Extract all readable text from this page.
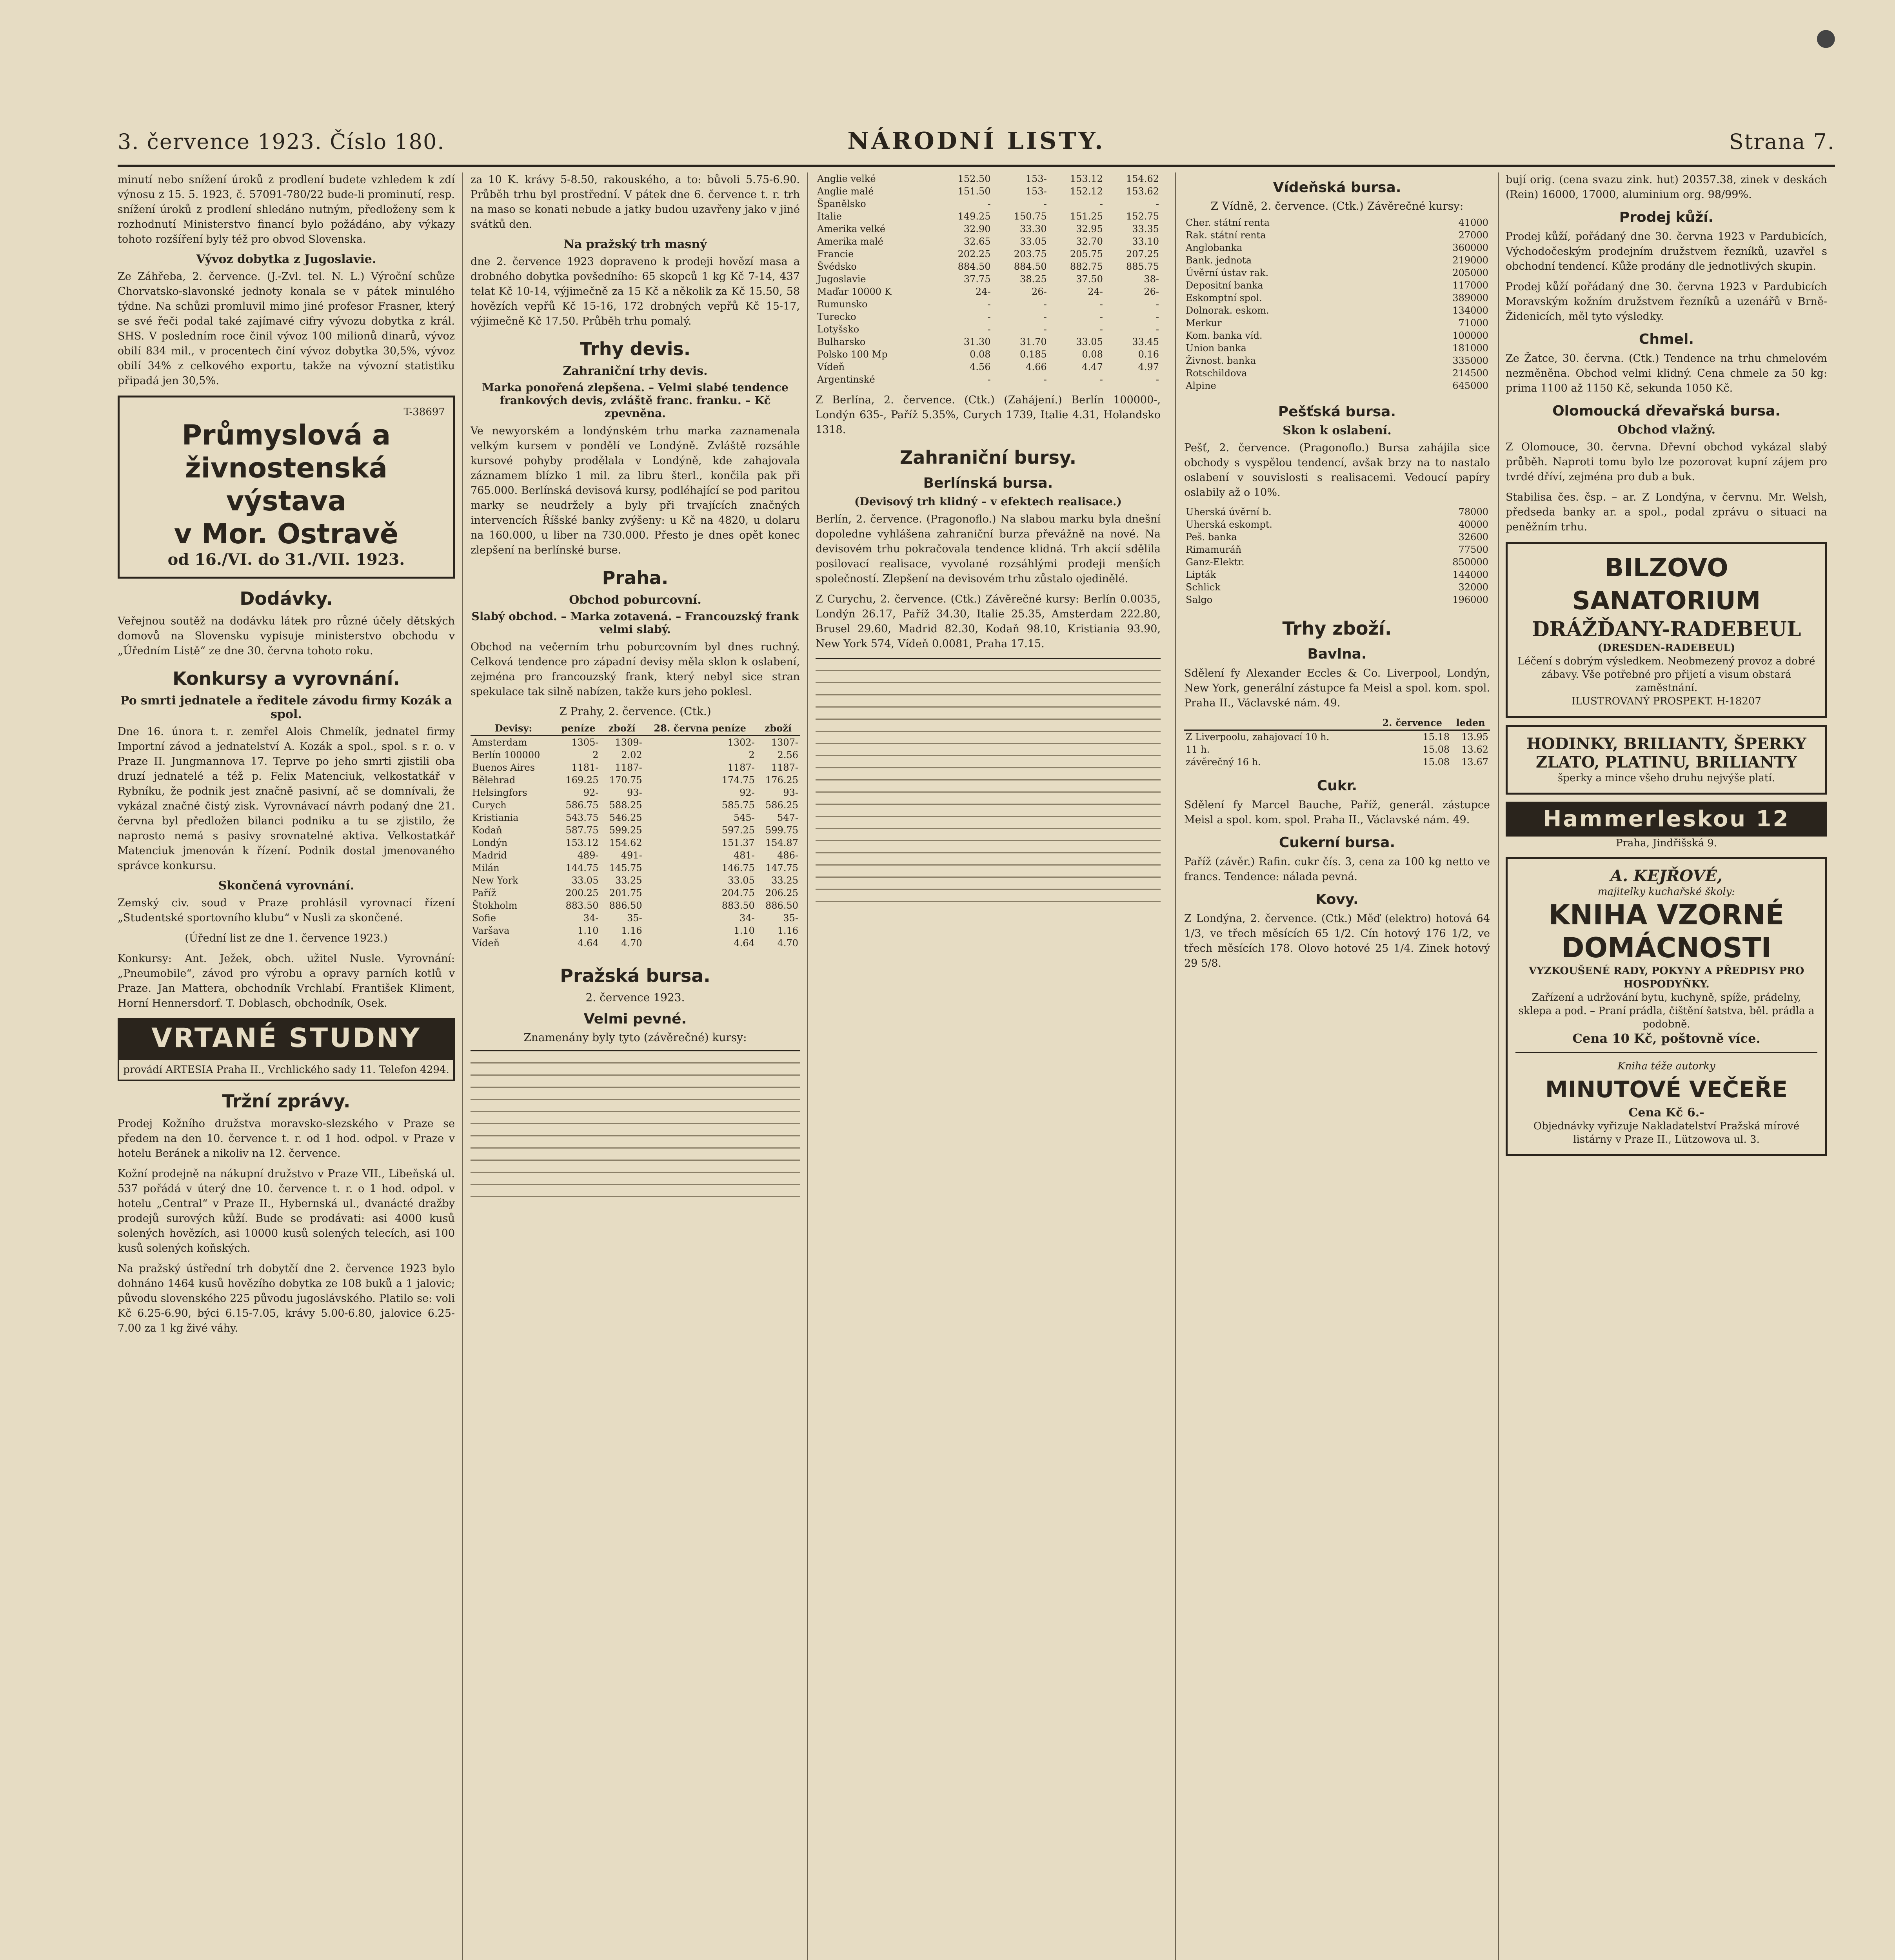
●
3. července 1923. Číslo 180.	NÁRODNÍ LISTY.	Strana 7.

minutí nebo snížení úroků z prodlení budete vzhledem k zdí výnosu z 15. 5. 1923, č. 57091-780/22 bude-li prominutí, resp. snížení úroků z prodlení shledáno nutným, předloženy sem k rozhodnutí Ministerstvo financí bylo požádáno, aby výkazy tohoto rozšíření byly též pro obvod Slovenska.

Vývoz dobytka z Jugoslavie.

Ze Záhřeba, 2. července. (J.-Zvl. tel. N. L.) Výroční schůze Chorvatsko-slavonské jednoty konala se v pátek minulého týdne. Na schůzi promluvil mimo jiné profesor Frasner, který se své řeči podal také zajímavé cifry vývozu dobytka z král. SHS. V posledním roce činil vývoz 100 milionů dinarů, vývoz obilí 834 mil., v procentech činí vývoz dobytka 30,5%, vývoz obilí 34% z celkového exportu, takže na vývozní statistiku připadá jen 30,5%.

T-38697
Průmyslová a
živnostenská výstava
v Mor. Ostravě
od 16./VI. do 31./VII. 1923.
Dodávky.

Veřejnou soutěž na dodávku látek pro různé účely dětských domovů na Slovensku vypisuje ministerstvo obchodu v „Úředním Listě“ ze dne 30. června tohoto roku.

Konkursy a vyrovnání.
Po smrti jednatele a ředitele závodu firmy Kozák a spol.

Dne 16. února t. r. zemřel Alois Chmelík, jednatel firmy Importní závod a jednatelství A. Kozák a spol., spol. s r. o. v Praze II. Jungmannova 17. Teprve po jeho smrti zjistili oba druzí jednatelé a též p. Felix Matenciuk, velkostatkář v Rybníku, že podnik jest značně pasivní, ač se domnívali, že vykázal značné čistý zisk. Vyrovnávací návrh podaný dne 21. června byl předložen bilanci podniku a tu se zjistilo, že naprosto nemá s pasivy srovnatelné aktiva. Velkostatkář Matenciuk jmenován k řízení. Podnik dostal jmenovaného správce konkursu.

Skončená vyrovnání.

Zemský civ. soud v Praze prohlásil vyrovnací řízení „Studentské sportovního klubu“ v Nusli za skončené.

(Úřední list ze dne 1. července 1923.)

Konkursy: Ant. Ježek, obch. užitel Nusle. Vyrovnání: „Pneumobile“, závod pro výrobu a opravy parních kotlů v Praze. Jan Mattera, obchodník Vrchlabí. František Kliment, Horní Hennersdorf. T. Doblasch, obchodník, Osek.

VRTANÉ STUDNY
provádí ARTESIA Praha II., Vrchlického sady 11. Telefon 4294.
Tržní zprávy.

Prodej Kožního družstva moravsko-slezského v Praze se předem na den 10. července t. r. od 1 hod. odpol. v Praze v hotelu Beránek a nikoliv na 12. července.

Kožní prodejně na nákupní družstvo v Praze VII., Libeňská ul. 537 pořádá v úterý dne 10. července t. r. o 1 hod. odpol. v hotelu „Central“ v Praze II., Hybernská ul., dvanácté dražby prodejů surových kůží. Bude se prodávati: asi 4000 kusů solených hovězích, asi 10000 kusů solených telecích, asi 100 kusů solených koňských.

Na pražský ústřední trh dobytčí dne 2. července 1923 bylo dohnáno 1464 kusů hovězího dobytka ze 108 buků a 1 jalovic; původu slovenského 225 původu jugoslávského. Platilo se: voli Kč 6.25-6.90, býci 6.15-7.05, krávy 5.00-6.80, jalovice 6.25-7.00 za 1 kg živé váhy.

za 10 K. krávy 5-8.50, rakouského, a to: bůvoli 5.75-6.90. Průběh trhu byl prostřední. V pátek dne 6. července t. r. trh na maso se konati nebude a jatky budou uzavřeny jako v jiné svátků den.

Na pražský trh masný

dne 2. července 1923 dopraveno k prodeji hovězí masa a drobného dobytka povšedního: 65 skopců 1 kg Kč 7-14, 437 telat Kč 10-14, výjimečně za 15 Kč a několik za Kč 15.50, 58 hovězích vepřů Kč 15-16, 172 drobných vepřů Kč 15-17, výjimečně Kč 17.50. Průběh trhu pomalý.

Trhy devis.
Zahraniční trhy devis.
Marka ponořená zlepšena. – Velmi slabé tendence frankových devis, zvláště franc. franku. – Kč zpevněna.

Ve newyorském a londýnském trhu marka zaznamenala velkým kursem v pondělí ve Londýně. Zvláště rozsáhle kursové pohyby prodělala v Londýně, kde zahajovala záznamem blízko 1 mil. za libru šterl., končila pak při 765.000. Berlínská devisová kursy, podléhající se pod paritou marky se neudržely a byly při trvajících značných intervencích Říšské banky zvýšeny: u Kč na 4820, u dolaru na 160.000, u liber na 730.000. Přesto je dnes opět konec zlepšení na berlínské burse.

Praha.
Obchod poburcovní.
Slabý obchod. – Marka zotavená. – Francouzský frank velmi slabý.

Obchod na večerním trhu poburcovním byl dnes ruchný. Celková tendence pro západní devisy měla sklon k oslabení, zejména pro francouzský frank, který nebyl sice stran spekulace tak silně nabízen, takže kurs jeho poklesl.

Z Prahy, 2. července. (Ctk.)
Devisy:	peníze	zboží	28. června peníze	zboží
Amsterdam	1305-	1309-	1302-	1307-
Berlín 100000	2	2.02	2	2.56
Buenos Aires	1181-	1187-	1187-	1187-
Bělehrad	169.25	170.75	174.75	176.25
Helsingfors	92-	93-	92-	93-
Curych	586.75	588.25	585.75	586.25
Kristiania	543.75	546.25	545-	547-
Kodaň	587.75	599.25	597.25	599.75
Londýn	153.12	154.62	151.37	154.87
Madrid	489-	491-	481-	486-
Milán	144.75	145.75	146.75	147.75
New York	33.05	33.25	33.05	33.25
Paříž	200.25	201.75	204.75	206.25
Štokholm	883.50	886.50	883.50	886.50
Sofie	34-	35-	34-	35-
Varšava	1.10	1.16	1.10	1.16
Vídeň	4.64	4.70	4.64	4.70
Pražská bursa.
2. července 1923.
Velmi pevné.
Znamenány byly tyto (závěrečné) kursy:
Anglie velké	152.50	153-	153.12	154.62
Anglie malé	151.50	153-	152.12	153.62
Španělsko	-	-	-	-
Italie	149.25	150.75	151.25	152.75
Amerika velké	32.90	33.30	32.95	33.35
Amerika malé	32.65	33.05	32.70	33.10
Francie	202.25	203.75	205.75	207.25
Švédsko	884.50	884.50	882.75	885.75
Jugoslavie	37.75	38.25	37.50	38-
Maďar 10000 K	24-	26-	24-	26-
Rumunsko	-	-	-	-
Turecko	-	-	-	-
Lotyšsko	-	-	-	-
Bulharsko	31.30	31.70	33.05	33.45
Polsko 100 Mp	0.08	0.185	0.08	0.16
Vídeň	4.56	4.66	4.47	4.97
Argentinské	-	-	-	-

Z Berlína, 2. července. (Ctk.) (Zahájení.) Berlín 100000-, Londýn 635-, Paříž 5.35%, Curych 1739, Italie 4.31, Holandsko 1318.

Zahraniční bursy.
Berlínská bursa.
(Devisový trh klidný – v efektech realisace.)

Berlín, 2. července. (Pragonoflo.) Na slabou marku byla dnešní dopoledne vyhlášena zahraniční burza převážně na nové. Na devisovém trhu pokračovala tendence klidná. Trh akcií sdělila posilovací realisace, vyvolané rozsáhlými prodeji menších společností. Zlepšení na devisovém trhu zůstalo ojedinělé.

Z Curychu, 2. července. (Ctk.) Závěrečné kursy: Berlín 0.0035, Londýn 26.17, Paříž 34.30, Italie 25.35, Amsterdam 222.80, Brusel 29.60, Madrid 82.30, Kodaň 98.10, Kristiania 93.90, New York 574, Vídeň 0.0081, Praha 17.15.

Vídeňská bursa.
Z Vídně, 2. července. (Ctk.) Závěrečné kursy:
Cher. státní renta	41000
Rak. státní renta	27000
Anglobanka	360000
Bank. jednota	219000
Úvěrní ústav rak.	205000
Depositní banka	117000
Eskomptní spol.	389000
Dolnorak. eskom.	134000
Merkur	71000
Kom. banka víd.	100000
Union banka	181000
Živnost. banka	335000
Rotschildova	214500
Alpine	645000
Pešťská bursa.
Skon k oslabení.

Pešť, 2. července. (Pragonoflo.) Bursa zahájila sice obchody s vyspělou tendencí, avšak brzy na to nastalo oslabení v souvislosti s realisacemi. Vedoucí papíry oslabily až o 10%.

Uherská úvěrní b.	78000
Uherská eskompt.	40000
Peš. banka	32600
Rimamuráň	77500
Ganz-Elektr.	850000
Lipták	144000
Schlick	32000
Salgo	196000
Trhy zboží.
Bavlna.

Sdělení fy Alexander Eccles & Co. Liverpool, Londýn, New York, generální zástupce fa Meisl a spol. kom. spol. Praha II., Václavské nám. 49.

	2. července	leden
Z Liverpoolu, zahajovací 10 h.	15.18	13.95
11 h.	15.08	13.62
závěrečný 16 h.	15.08	13.67
Cukr.

Sdělení fy Marcel Bauche, Paříž, generál. zástupce Meisl a spol. kom. spol. Praha II., Václavské nám. 49.

Cukerní bursa.

Paříž (závěr.) Rafin. cukr čís. 3, cena za 100 kg netto ve francs. Tendence: nálada pevná.

Kovy.

Z Londýna, 2. července. (Ctk.) Měď (elektro) hotová 64 1/3, ve třech měsících 65 1/2. Cín hotový 176 1/2, ve třech měsících 178. Olovo hotové 25 1/4. Zinek hotový 29 5/8.

bují orig. (cena svazu zink. hut) 20357.38, zinek v deskách (Rein) 16000, 17000, aluminium org. 98/99%.

Prodej kůží.

Prodej kůží, pořádaný dne 30. června 1923 v Pardubicích, Východočeským prodejním družstvem řezníků, uzavřel s obchodní tendencí. Kůže prodány dle jednotlivých skupin.

Prodej kůží pořádaný dne 30. června 1923 v Pardubicích Moravským kožním družstvem řezníků a uzenářů v Brně-Židenicích, měl tyto výsledky.

Chmel.

Ze Žatce, 30. června. (Ctk.) Tendence na trhu chmelovém nezměněna. Obchod velmi klidný. Cena chmele za 50 kg: prima 1100 až 1150 Kč, sekunda 1050 Kč.

Olomoucká dřevařská bursa.
Obchod vlažný.

Z Olomouce, 30. června. Dřevní obchod vykázal slabý průběh. Naproti tomu bylo lze pozorovat kupní zájem pro tvrdé dříví, zejména pro dub a buk.

Stabilisa čes. čsp. – ar. Z Londýna, v červnu. Mr. Welsh, předseda banky ar. a spol., podal zprávu o situaci na peněžním trhu.

BILZOVO SANATORIUM
DRÁŽĎANY-RADEBEUL
(DRESDEN-RADEBEUL)
Léčení s dobrým výsledkem. Neobmezený provoz a dobré zábavy. Vše potřebné pro přijetí a visum obstará zaměstnání.
ILUSTROVANÝ PROSPEKT. H-18207
HODINKY, BRILIANTY, ŠPERKY
ZLATO, PLATINU, BRILIANTY
šperky a mince všeho druhu nejvýše platí.
Hammerleskou 12
Praha, Jindřišská 9.
A. KEJŘOVÉ,
majitelky kuchařské školy:
KNIHA VZORNÉ DOMÁCNOSTI
VYZKOUŠENÉ RADY, POKYNY A PŘEDPISY PRO HOSPODYŇKY.
Zařízení a udržování bytu, kuchyně, spíže, prádelny, sklepa a pod. – Praní prádla, čištění šatstva, běl. prádla a podobně.
Cena 10 Kč, poštovně více.
Kniha téže autorky
MINUTOVÉ VEČEŘE
Cena Kč 6.-
Objednávky vyřizuje Nakladatelství Pražská mírové listárny v Praze II., Lützowova ul. 3.
